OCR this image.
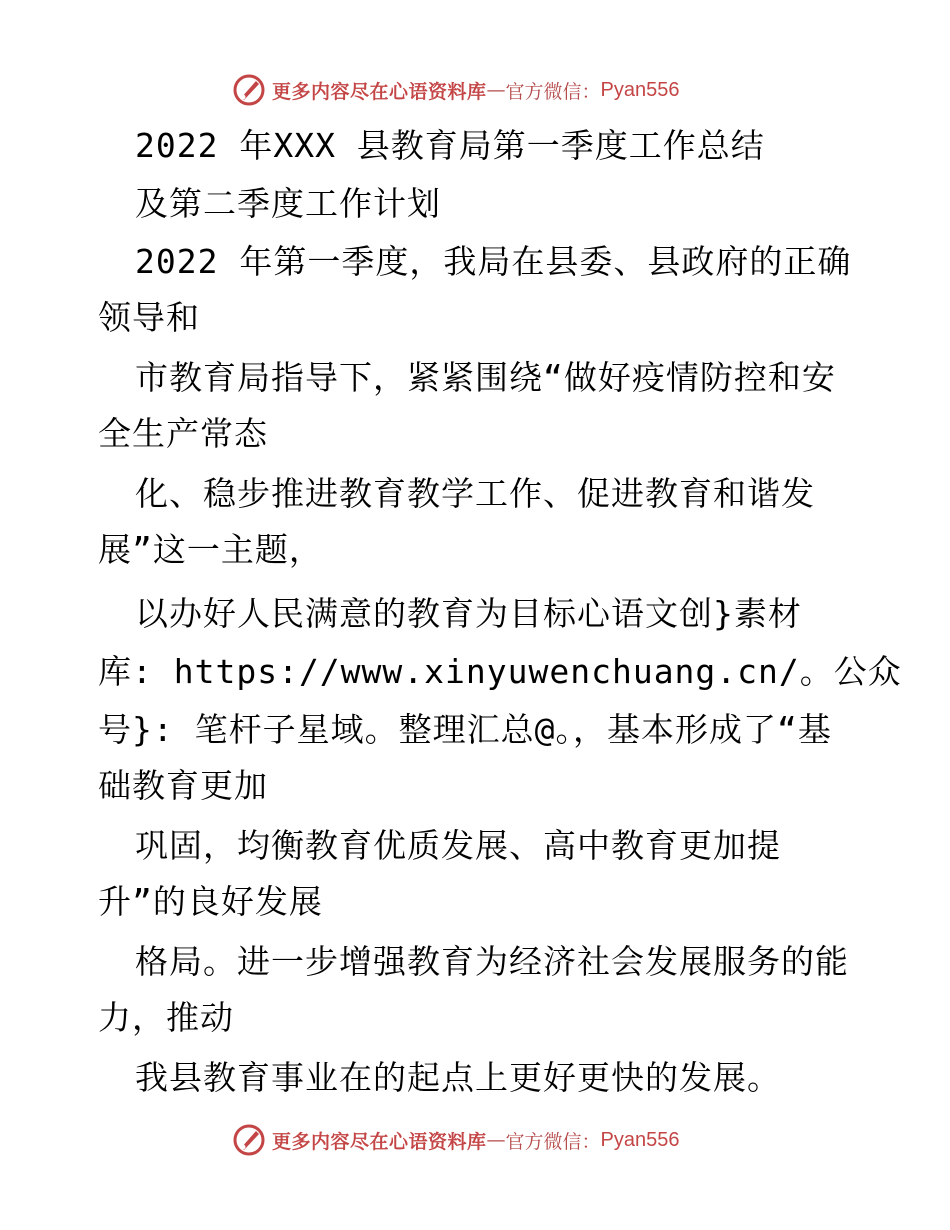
更多内容尽在心语资料库 — 官方微信： Pyan556
2022 年XXX 县教育局第一季度工作总结
及第二季度工作计划
2022 年第一季度，我局在县委、县政府的正确
领导和
市教育局指导下，紧紧围绕“做好疫情防控和安
全生产常态
化、稳步推进教育教学工作、促进教育和谐发
展”这一主题，
以办好人民满意的教育为目标心语文创}素材
库: https://www.xinyuwenchuang.cn/。公众
号}: 笔杆子星域。整理汇总@。，基本形成了“基
础教育更加
巩固，均衡教育优质发展、高中教育更加提
升”的良好发展
格局。进一步增强教育为经济社会发展服务的能
力，推动
我县教育事业在的起点上更好更快的发展。
更多内容尽在心语资料库 — 官方微信： Pyan556
